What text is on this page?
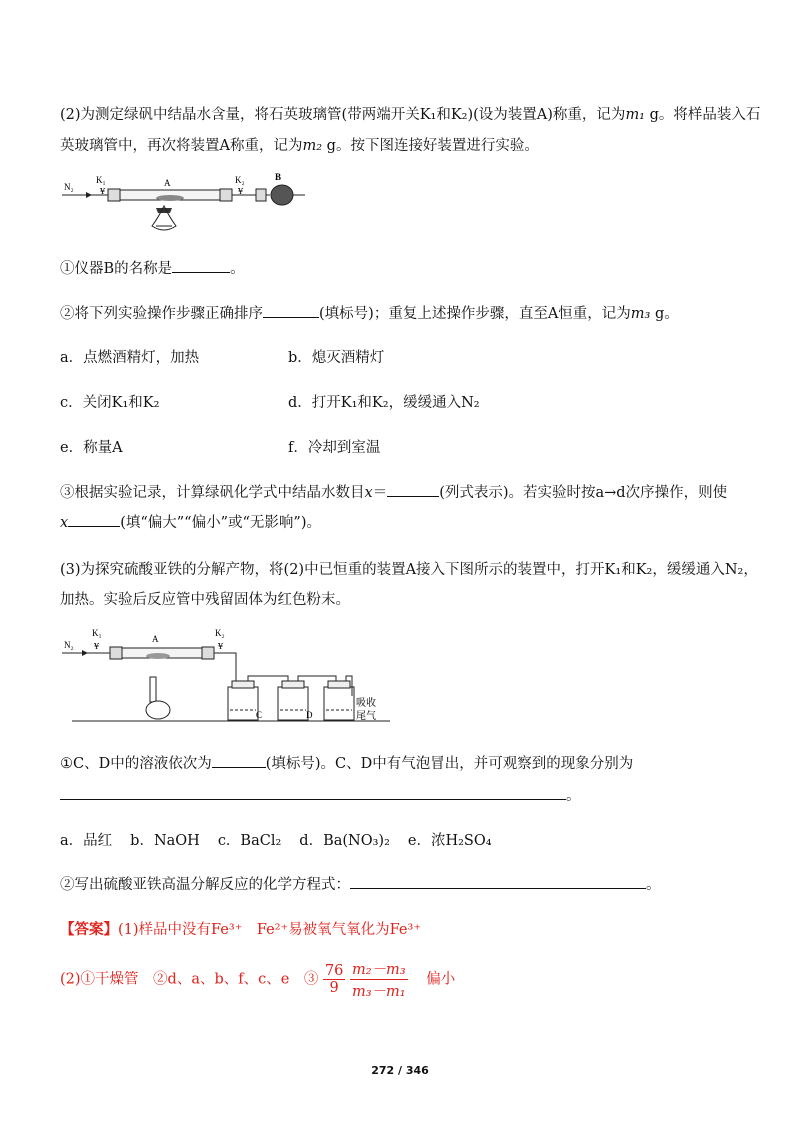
(2)为测定绿矾中结晶水含量，将石英玻璃管(带两端开关K₁和K₂)(设为装置A)称重，记为m₁ g。将样品装入石
英玻璃管中，再次将装置A称重，记为m₂ g。按下图连接好装置进行实验。
N₂
K₁
¥
A	K₂
¥
B
①仪器B的名称是	。
②将下列实验操作步骤正确排序	(填标号)；重复上述操作步骤，直至A恒重，记为m₃ g。
a．点燃酒精灯，加热	b．熄灭酒精灯
c．关闭K₁和K₂	d．打开K₁和K₂，缓缓通入N₂
e．称量A	f．冷却到室温
③根据实验记录，计算绿矾化学式中结晶水数目x＝	(列式表示)。若实验时按a→d次序操作，则使
x	(填“偏大”“偏小”或“无影响”)。
(3)为探究硫酸亚铁的分解产物，将(2)中已恒重的装置A接入下图所示的装置中，打开K₁和K₂，缓缓通入N₂，
加热。实验后反应管中残留固体为红色粉末。
N₂
K₁
¥
A
K₂
¥
C	D
吸收
尾气
①C、D中的溶液依次为	(填标号)。C、D中有气泡冒出，并可观察到的现象分别为
。
a．品红 b．NaOH c．BaCl₂ d．Ba(NO₃)₂ e．浓H₂SO₄
②写出硫酸亚铁高温分解反应的化学方程式：	。
【答案】(1)样品中没有Fe³⁺　Fe²⁺易被氧气氧化为Fe³⁺
(2)①干燥管　②d、a、b、f、c、e　③ $\frac{76}{9}$
$\frac{\text{m₂－m₃}}{\text{m₃－m₁}}$ 偏小
272 / 346
